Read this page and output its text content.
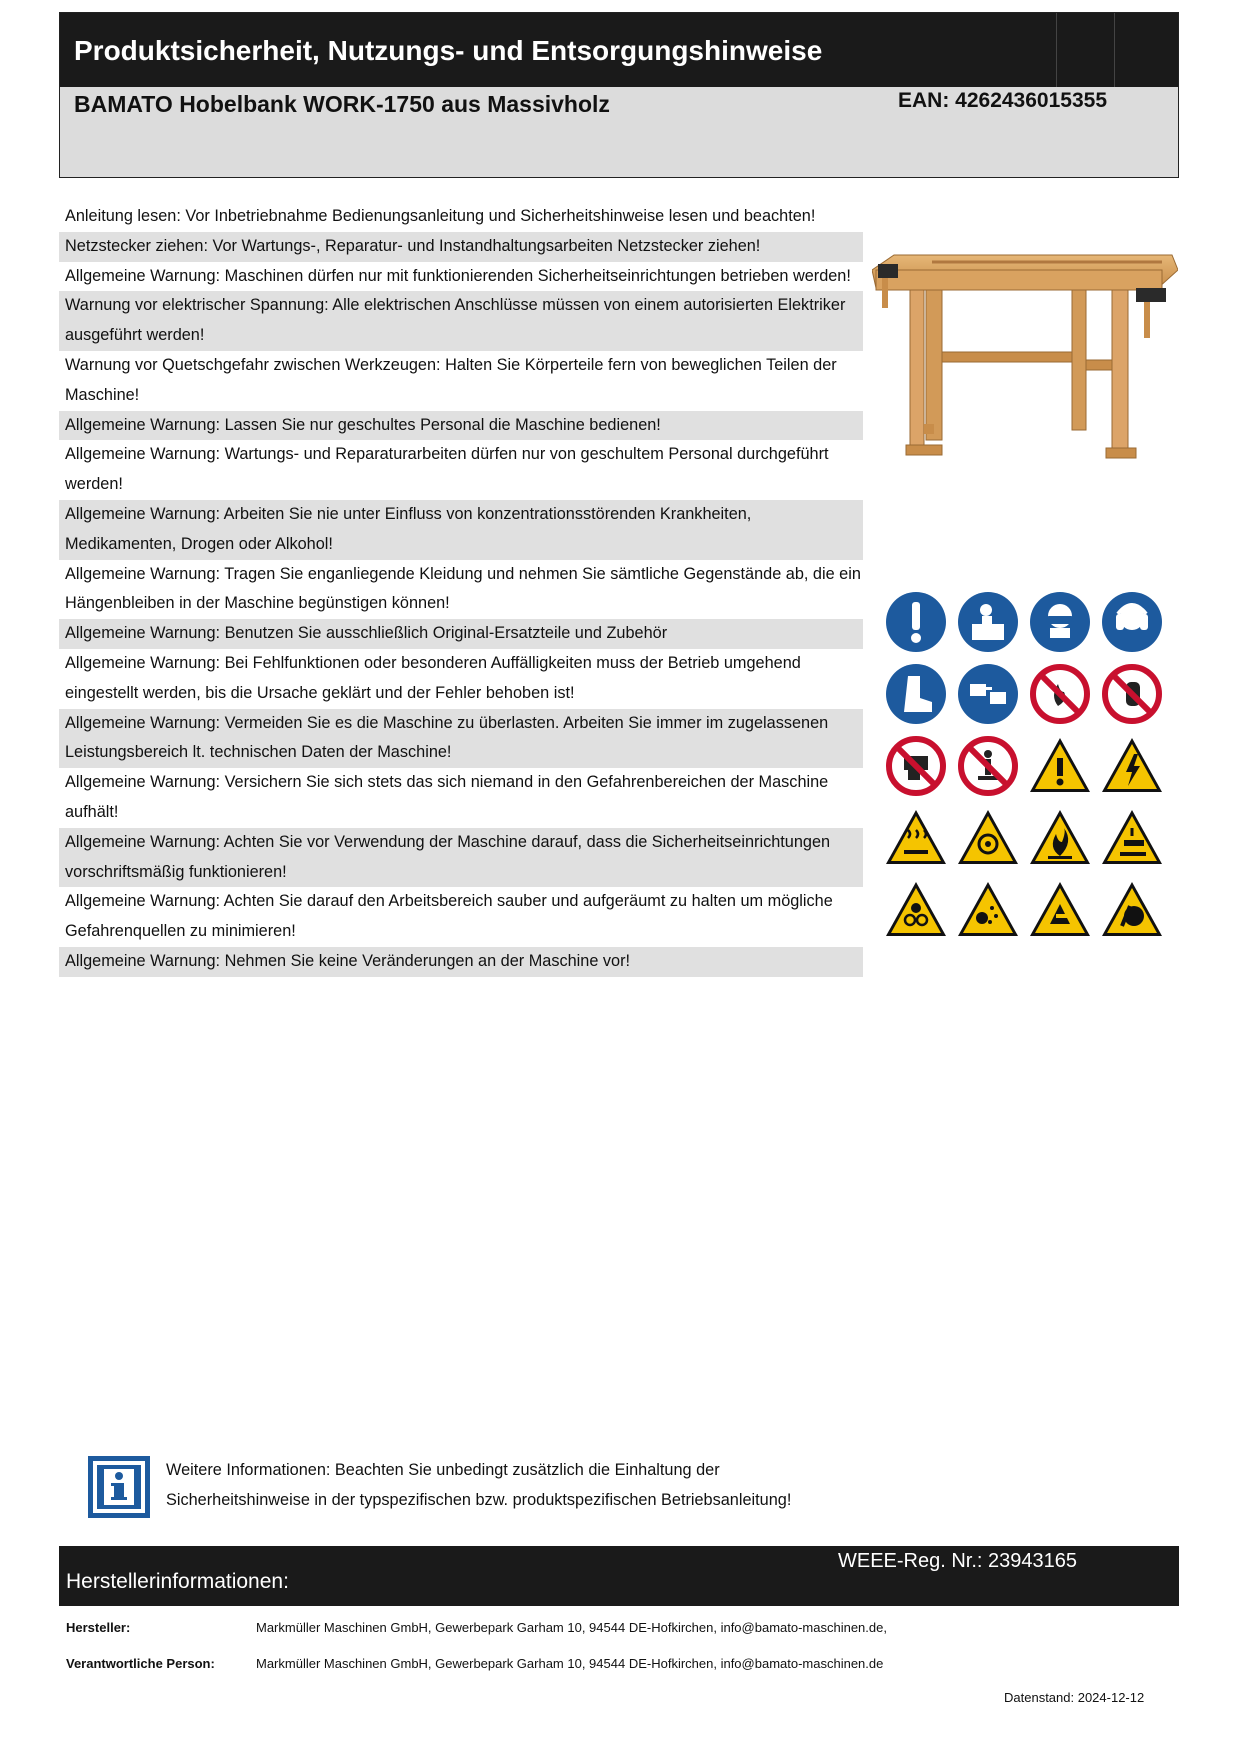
Produktsicherheit, Nutzungs- und Entsorgungshinweise
BAMATO Hobelbank WORK-1750 aus Massivholz	EAN: 4262436015355
Anleitung lesen: Vor Inbetriebnahme Bedienungsanleitung und Sicherheitshinweise lesen und beachten!
Netzstecker ziehen: Vor Wartungs-, Reparatur- und Instandhaltungsarbeiten Netzstecker ziehen!
Allgemeine Warnung: Maschinen dürfen nur mit funktionierenden Sicherheitseinrichtungen betrieben werden!
Warnung vor elektrischer Spannung: Alle elektrischen Anschlüsse müssen von einem autorisierten Elektriker ausgeführt werden!
Warnung vor Quetschgefahr zwischen Werkzeugen: Halten Sie Körperteile fern von beweglichen Teilen der Maschine!
Allgemeine Warnung: Lassen Sie nur geschultes Personal die Maschine bedienen!
Allgemeine Warnung: Wartungs- und Reparaturarbeiten dürfen nur von geschultem Personal durchgeführt werden!
Allgemeine Warnung: Arbeiten Sie nie unter Einfluss von konzentrationsstörenden Krankheiten, Medikamenten, Drogen oder Alkohol!
Allgemeine Warnung: Tragen Sie enganliegende Kleidung und nehmen Sie sämtliche Gegenstände ab, die ein Hängenbleiben in der Maschine begünstigen können!
Allgemeine Warnung: Benutzen Sie ausschließlich Original-Ersatzteile und Zubehör
Allgemeine Warnung: Bei Fehlfunktionen oder besonderen Auffälligkeiten muss der Betrieb umgehend eingestellt werden, bis die Ursache geklärt und der Fehler behoben ist!
Allgemeine Warnung: Vermeiden Sie es die Maschine zu überlasten. Arbeiten Sie immer im zugelassenen Leistungsbereich lt. technischen Daten der Maschine!
Allgemeine Warnung: Versichern Sie sich stets das sich niemand in den Gefahrenbereichen der Maschine aufhält!
Allgemeine Warnung: Achten Sie vor Verwendung der Maschine darauf, dass die Sicherheitseinrichtungen vorschriftsmäßig funktionieren!
Allgemeine Warnung: Achten Sie darauf den Arbeitsbereich sauber und aufgeräumt zu halten um mögliche Gefahrenquellen zu minimieren!
Allgemeine Warnung: Nehmen Sie keine Veränderungen an der Maschine vor!
Weitere Informationen: Beachten Sie unbedingt zusätzlich die Einhaltung der
Sicherheitshinweise in der typspezifischen bzw. produktspezifischen Betriebsanleitung!
Herstellerinformationen:
WEEE-Reg. Nr.: 23943165
Hersteller:	Markmüller Maschinen GmbH, Gewerbepark Garham 10, 94544 DE-Hofkirchen, info@bamato-maschinen.de,
Verantwortliche Person:	Markmüller Maschinen GmbH, Gewerbepark Garham 10, 94544 DE-Hofkirchen, info@bamato-maschinen.de
Datenstand: 2024-12-12
